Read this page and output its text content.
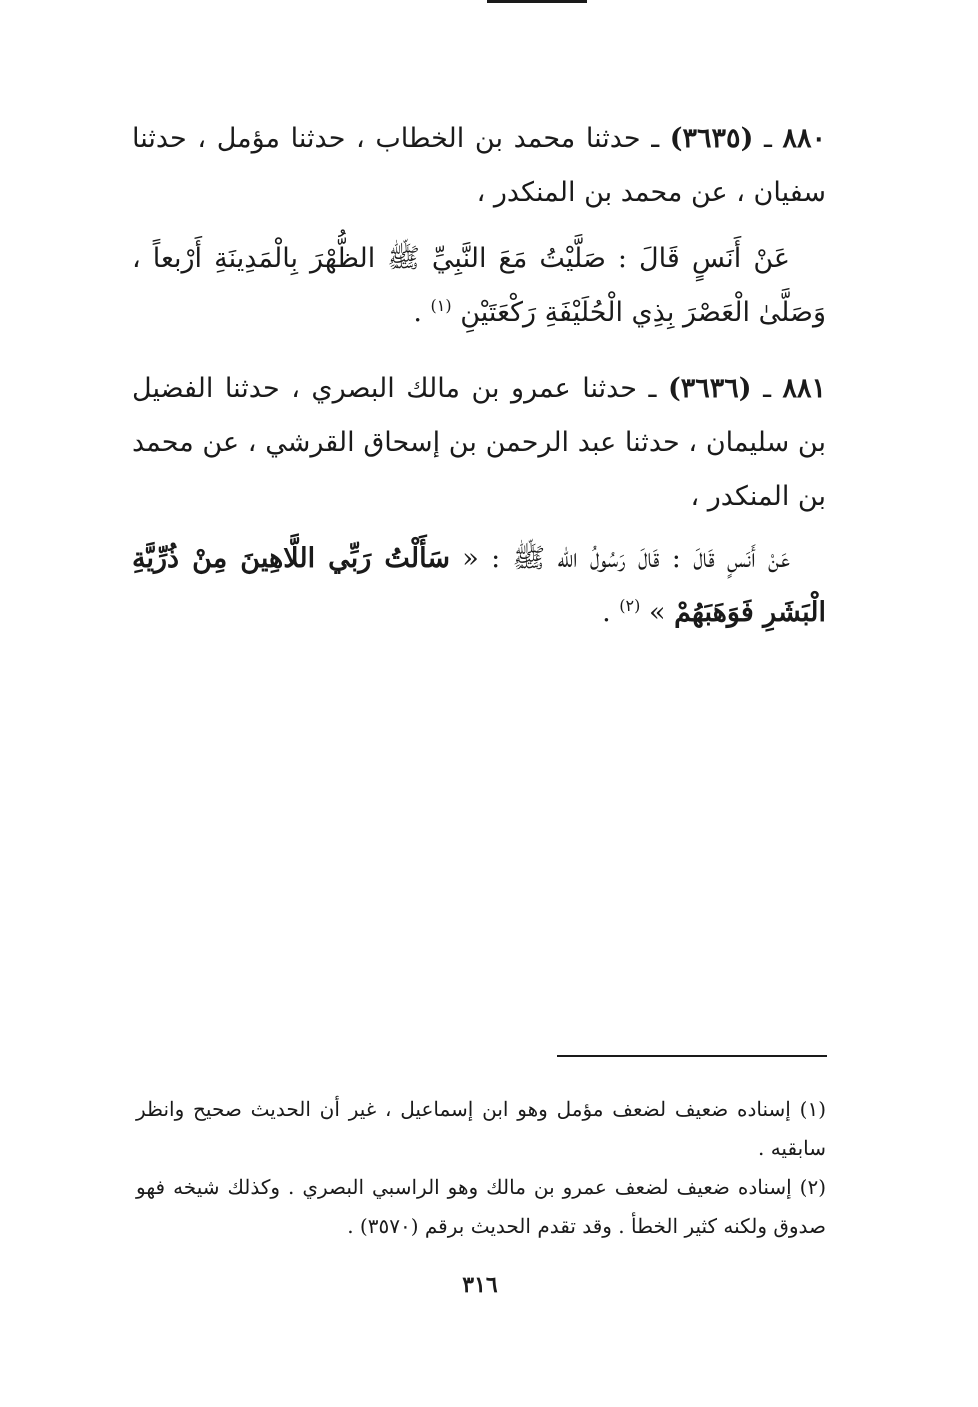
٨٨٠ ـ (٣٦٣٥) ـ حدثنا محمد بن الخطاب ، حدثنا مؤمل ، حدثنا سفيان ، عن محمد بن المنكدر ،

عَنْ أَنَسٍ قَالَ : صَلَّيْتُ مَعَ النَّبِيِّ ﷺ الظُّهْرَ بِالْمَدِينَةِ أَرْبعاً ، وَصَلَّىٰ الْعَصْرَ بِذِي الْحُلَيْفَةِ رَكْعَتَيْنِ $^{(١)}$ .

٨٨١ ـ (٣٦٣٦) ـ حدثنا عمرو بن مالك البصري ، حدثنا الفضيل بن سليمان ، حدثنا عبد الرحمن بن إسحاق القرشي ، عن محمد بن المنكدر ،

عَنْ أَنَسٍ قَالَ : قَالَ رَسُولُ الله ﷺ : « سَأَلْتُ رَبِّي اللَّاهِينَ مِنْ ذُرِّيَّةِ الْبَشَرِ فَوَهَبَهُمْ » $^{(٢)}$ .

(١) إسناده ضعيف لضعف مؤمل وهو ابن إسماعيل ، غير أن الحديث صحيح وانظر سابقيه .

(٢) إسناده ضعيف لضعف عمرو بن مالك وهو الراسبي البصري . وكذلك شيخه فهو صدوق ولكنه كثير الخطأ . وقد تقدم الحديث برقم (٣٥٧٠) .

٣١٦
